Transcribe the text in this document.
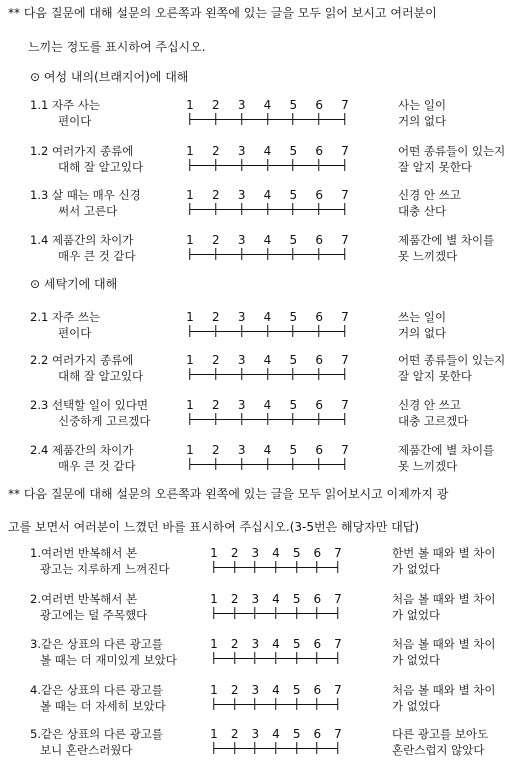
** 다음 질문에 대해 설문의 오른쪽과 왼쪽에 있는 글을 모두 읽어 보시고 여러분이
느끼는 정도를 표시하여 주십시오.
⊙ 여성 내의(브래지어)에 대해
1.1 자주 사는
편이다
1 2 3 4 5 6 7	사는 일이
거의 없다
1.2 여러가지 종류에
대해 잘 알고있다
1 2 3 4 5 6 7	어떤 종류들이 있는지
잘 알지 못한다
1.3 살 때는 매우 신경
써서 고른다
1 2 3 4 5 6 7	신경 안 쓰고
대충 산다
1.4 제품간의 차이가
매우 큰 것 같다
1 2 3 4 5 6 7	제품간에 별 차이를
못 느끼겠다
⊙ 세탁기에 대해
2.1 자주 쓰는
편이다
1 2 3 4 5 6 7	쓰는 일이
거의 없다
2.2 여러가지 종류에
대해 잘 알고있다
1 2 3 4 5 6 7	어떤 종류들이 있는지
잘 알지 못한다
2.3 선택할 일이 있다면
신중하게 고르겠다
1 2 3 4 5 6 7	신경 안 쓰고
대충 고르겠다
2.4 제품간의 차이가
매우 큰 것 같다
1 2 3 4 5 6 7	제품간에 별 차이를
못 느끼겠다
** 다음 질문에 대해 설문의 오른쪽과 왼쪽에 있는 글을 모두 읽어보시고 이제까지 광
고를 보면서 여러분이 느꼈던 바를 표시하여 주십시오.(3-5번은 해당자만 대답)
1.여러번 반복해서 본
광고는 지루하게 느껴진다
1 2 3 4 5 6 7	한번 볼 때와 별 차이
가 없었다
2.여러번 반복해서 본
광고에는 덜 주목했다
1 2 3 4 5 6 7	처음 볼 때와 별 차이
가 없었다
3.같은 상표의 다른 광고를
볼 때는 더 재미있게 보았다
1 2 3 4 5 6 7	처음 볼 때와 별 차이
가 없었다
4.같은 상표의 다른 광고를
볼 때는 더 자세히 보았다
1 2 3 4 5 6 7	처음 볼 때와 별 차이
가 없었다
5.같은 상표의 다른 광고를
보니 혼란스러웠다
1 2 3 4 5 6 7	다른 광고를 보아도
혼란스럽지 않았다
